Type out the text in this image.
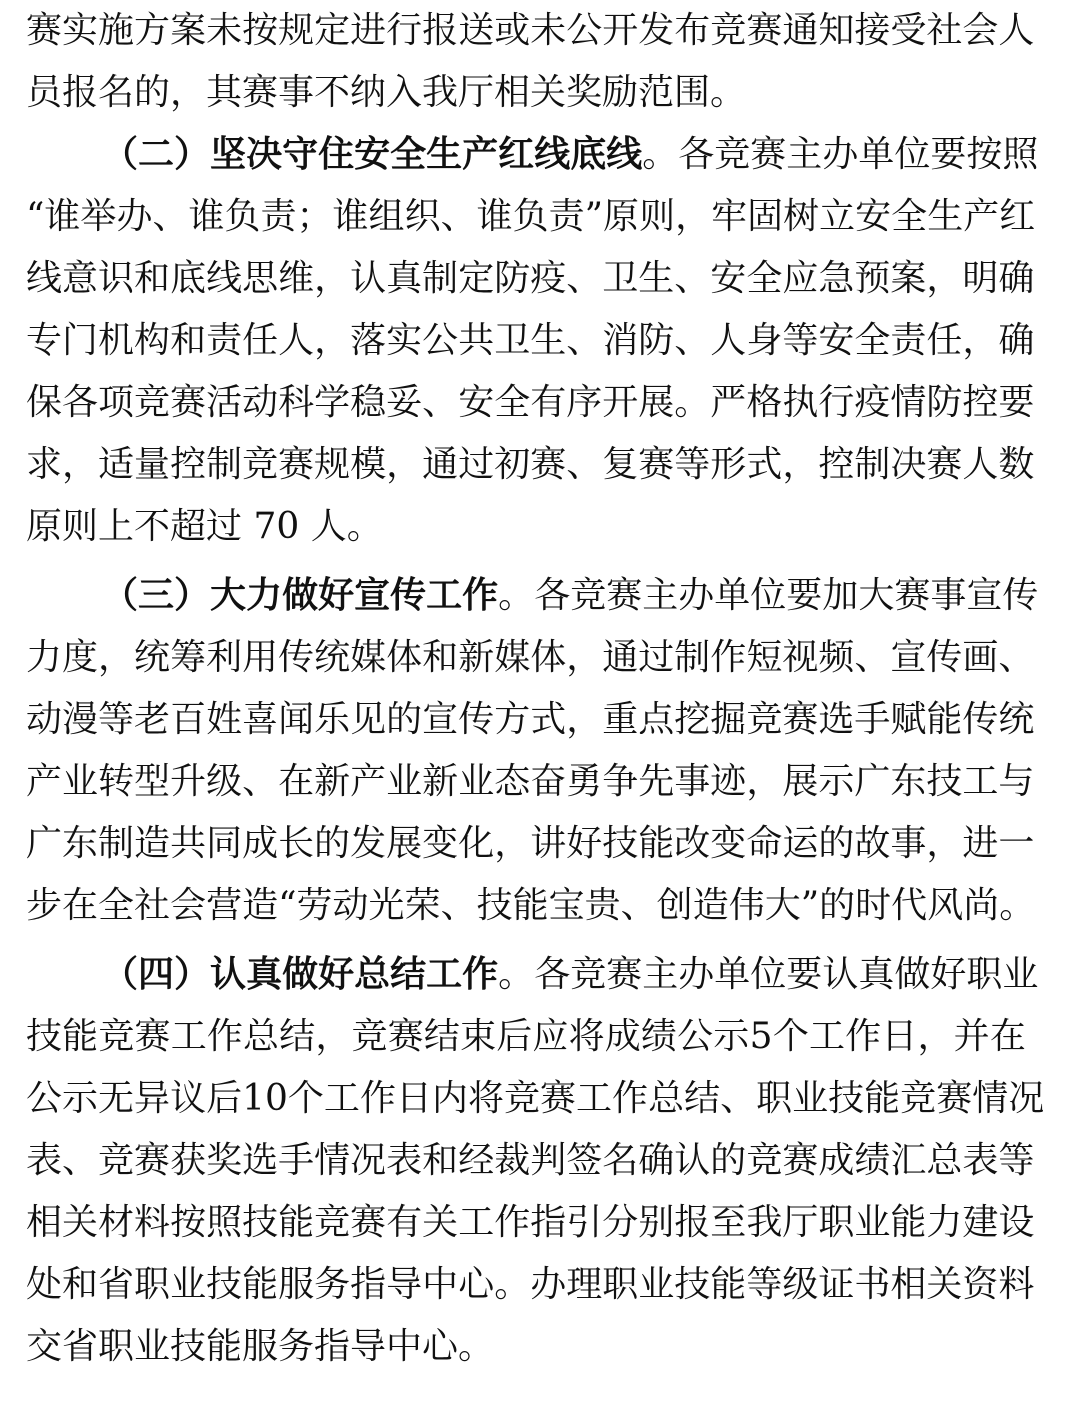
赛 实 施 方 案 未 按 规 定 进 行 报 送 或 未 公 开 发 布 竞 赛 通 知 接 受 社 会 人
员报名的，其赛事不纳入我厅相关奖励范围。
（ 二 ） 坚 决 守 住 安 全 生 产 红 线 底 线 。 各 竞 赛 主 办 单 位 要 按 照
“ 谁 举 办 、 谁 负 责 ； 谁 组 织 、 谁 负 责 ” 原 则 ， 牢 固 树 立 安 全 生 产 红
线 意 识 和 底 线 思 维 ， 认 真 制 定 防 疫 、 卫 生 、 安 全 应 急 预 案 ， 明 确
专 门 机 构 和 责 任 人 ， 落 实 公 共 卫 生 、 消 防 、 人 身 等 安 全 责 任 ， 确
保 各 项 竞 赛 活 动 科 学 稳 妥 、 安 全 有 序 开 展 。 严 格 执 行 疫 情 防 控 要
求 ， 适 量 控 制 竞 赛 规 模 ， 通 过 初 赛 、 复 赛 等 形 式 ， 控 制 决 赛 人 数
原则上不超过 70 人。
（ 三 ） 大 力 做 好 宣 传 工 作 。 各 竞 赛 主 办 单 位 要 加 大 赛 事 宣 传
力 度 ， 统 筹 利 用 传 统 媒 体 和 新 媒 体 ， 通 过 制 作 短 视 频 、 宣 传 画 、
动 漫 等 老 百 姓 喜 闻 乐 见 的 宣 传 方 式 ， 重 点 挖 掘 竞 赛 选 手 赋 能 传 统
产 业 转 型 升 级 、 在 新 产 业 新 业 态 奋 勇 争 先 事 迹 ， 展 示 广 东 技 工 与
广 东 制 造 共 同 成 长 的 发 展 变 化 ， 讲 好 技 能 改 变 命 运 的 故 事 ， 进 一
步 在 全 社 会 营 造 “ 劳 动 光 荣 、 技 能 宝 贵 、 创 造 伟 大 ” 的 时 代 风 尚 。
（ 四 ） 认 真 做 好 总 结 工 作 。 各 竞 赛 主 办 单 位 要 认 真 做 好 职 业
技 能 竞 赛 工 作 总 结 ， 竞 赛 结 束 后 应 将 成 绩 公 示 5 个 工 作 日 ， 并 在
公 示 无 异 议 后 1 0 个 工 作 日 内 将 竞 赛 工 作 总 结 、 职 业 技 能 竞 赛 情 况
表 、 竞 赛 获 奖 选 手 情 况 表 和 经 裁 判 签 名 确 认 的 竞 赛 成 绩 汇 总 表 等
相 关 材 料 按 照 技 能 竞 赛 有 关 工 作 指 引 分 别 报 至 我 厅 职 业 能 力 建 设
处 和 省 职 业 技 能 服 务 指 导 中 心 。 办 理 职 业 技 能 等 级 证 书 相 关 资 料
交省职业技能服务指导中心。
